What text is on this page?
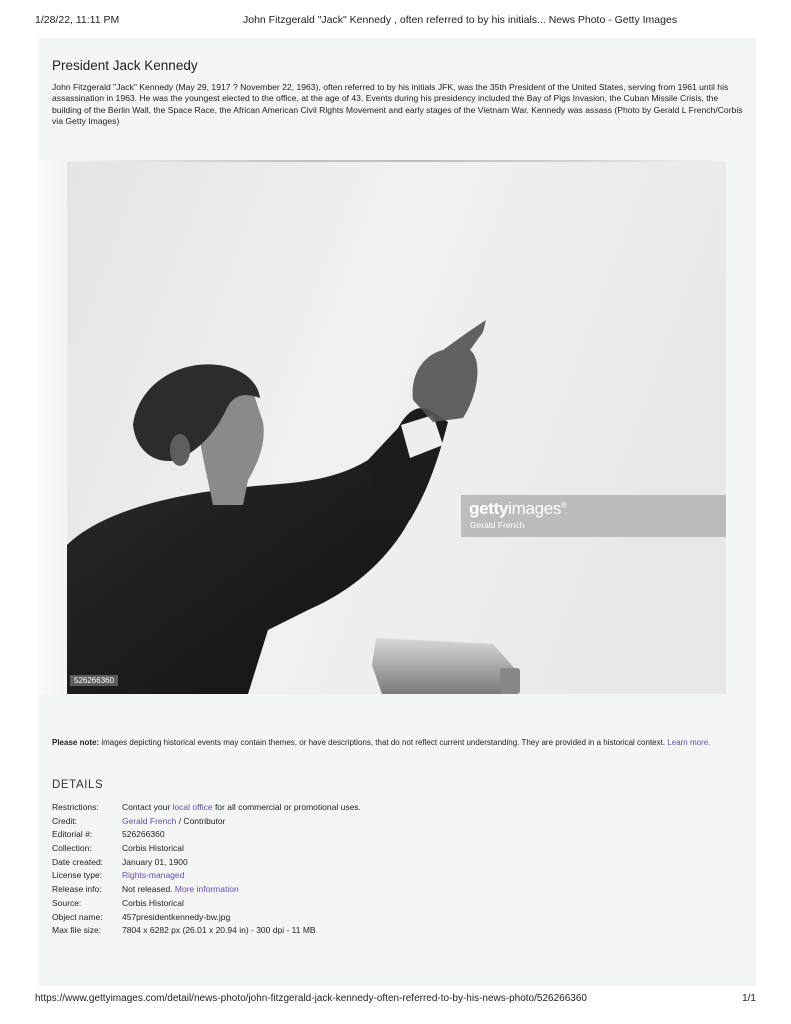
1/28/22, 11:11 PM	John Fitzgerald "Jack" Kennedy , often referred to by his initials... News Photo - Getty Images
President Jack Kennedy

John Fitzgerald "Jack" Kennedy (May 29, 1917 ? November 22, 1963), often referred to by his initials JFK, was the 35th President of the United States, serving from 1961 until his assassination in 1963. He was the youngest elected to the office, at the age of 43. Events during his presidency included the Bay of Pigs Invasion, the Cuban Missile Crisis, the building of the Berlin Wall, the Space Race, the African American Civil Rights Movement and early stages of the Vietnam War. Kennedy was assass (Photo by Gerald L French/Corbis via Getty Images)

gettyimages®
Gerald French
526266360

Please note: images depicting historical events may contain themes, or have descriptions, that do not reflect current understanding. They are provided in a historical context. Learn more.

DETAILS
Restrictions:	Contact your local office for all commercial or promotional uses.
Credit:	Gerald French / Contributor
Editorial #:	526266360
Collection:	Corbis Historical
Date created: January 01, 1900
License type: Rights-managed
Release info: Not released. More information
Source:	Corbis Historical
Object name: 457presidentkennedy-bw.jpg
Max file size: 7804 x 6282 px (26.01 x 20.94 in) - 300 dpi - 11 MB
https://www.gettyimages.com/detail/news-photo/john-fitzgerald-jack-kennedy-often-referred-to-by-his-news-photo/526266360	1/1
